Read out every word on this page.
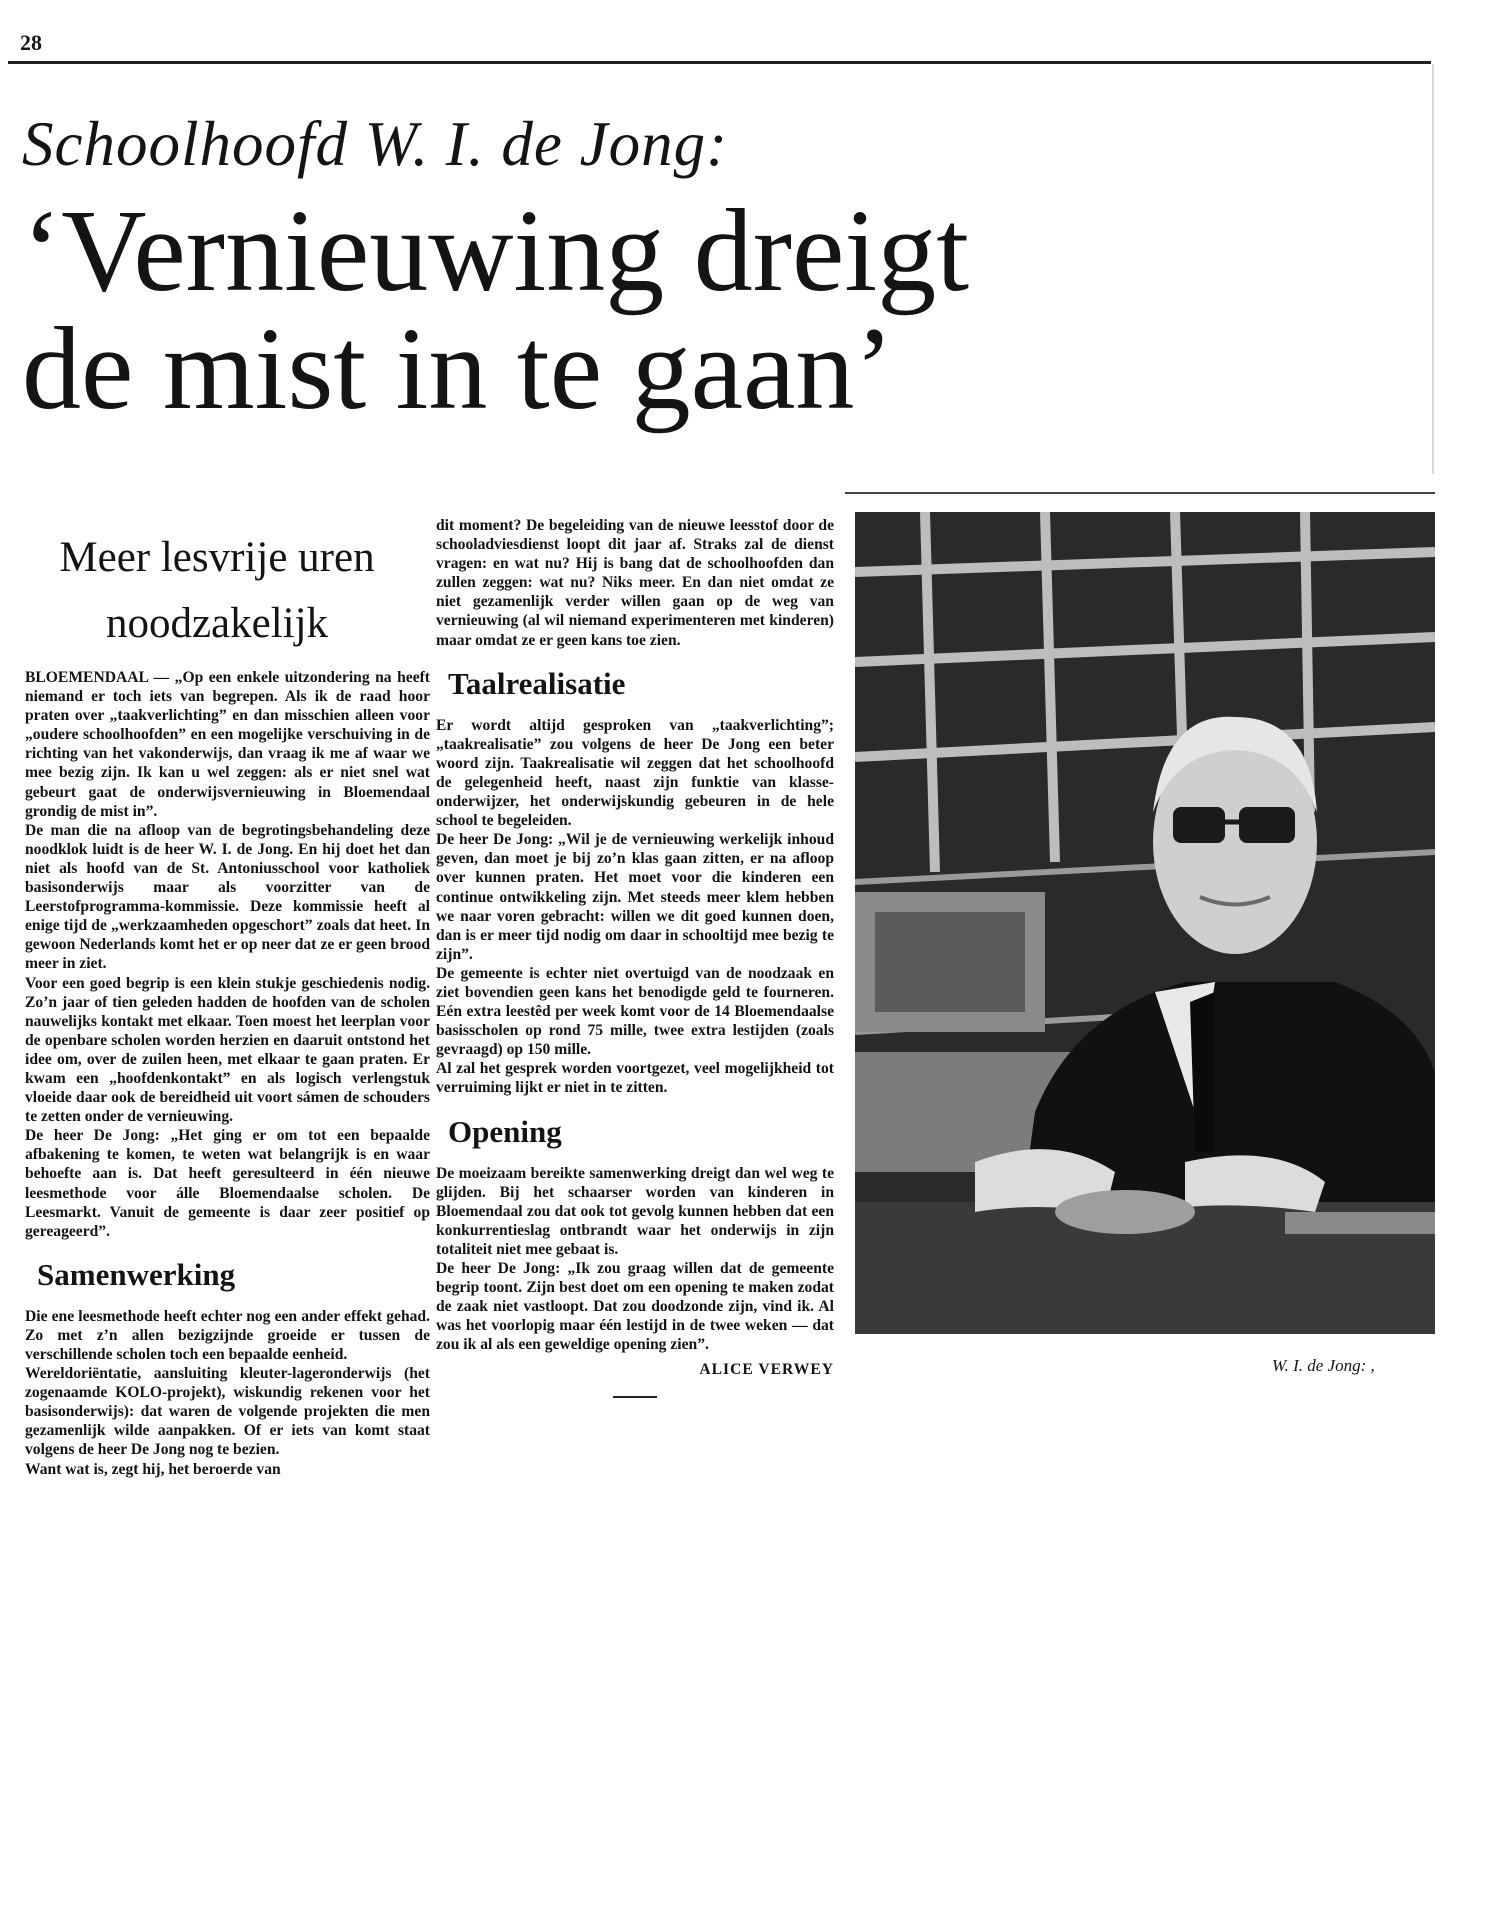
28
Schoolhoofd W. I. de Jong:
‘Vernieuwing dreigt
de mist in te gaan’
Meer lesvrije uren
noodzakelijk

BLOEMENDAAL — „Op een enkele uitzondering na heeft niemand er toch iets van begrepen. Als ik de raad hoor praten over „taakverlichting” en dan misschien alleen voor „oudere schoolhoofden” en een mogelijke verschuiving in de richting van het vakonderwijs, dan vraag ik me af waar we mee bezig zijn. Ik kan u wel zeggen: als er niet snel wat gebeurt gaat de onderwijsvernieuwing in Bloemendaal grondig de mist in”.

De man die na afloop van de begrotingsbehandeling deze noodklok luidt is de heer W. I. de Jong. En hij doet het dan niet als hoofd van de St. Antoniusschool voor katholiek basisonderwijs maar als voorzitter van de Leerstofprogramma-kommissie. Deze kommissie heeft al enige tijd de „werkzaamheden opgeschort” zoals dat heet. In gewoon Nederlands komt het er op neer dat ze er geen brood meer in ziet.

Voor een goed begrip is een klein stukje geschiedenis nodig. Zo’n jaar of tien geleden hadden de hoofden van de scholen nauwelijks kontakt met elkaar. Toen moest het leerplan voor de openbare scholen worden herzien en daaruit ontstond het idee om, over de zuilen heen, met elkaar te gaan praten. Er kwam een „hoofdenkontakt” en als logisch verlengstuk vloeide daar ook de bereidheid uit voort sámen de schouders te zetten onder de vernieuwing.

De heer De Jong: „Het ging er om tot een bepaalde afbakening te komen, te weten wat belangrijk is en waar behoefte aan is. Dat heeft geresulteerd in één nieuwe leesmethode voor álle Bloemendaalse scholen. De Leesmarkt. Vanuit de gemeente is daar zeer positief op gereageerd”.

Samenwerking

Die ene leesmethode heeft echter nog een ander effekt gehad. Zo met z’n allen bezigzijnde groeide er tussen de verschillende scholen toch een bepaalde eenheid.

Wereldoriëntatie, aansluiting kleuter-lageronderwijs (het zogenaamde KOLO-projekt), wiskundig rekenen voor het basisonderwijs): dat waren de volgende projekten die men gezamenlijk wilde aanpakken. Of er iets van komt staat volgens de heer De Jong nog te bezien.

Want wat is, zegt hij, het beroerde van

dit moment? De begeleiding van de nieuwe leesstof door de schooladviesdienst loopt dit jaar af. Straks zal de dienst vragen: en wat nu? Hij is bang dat de schoolhoofden dan zullen zeggen: wat nu? Niks meer. En dan niet omdat ze niet gezamenlijk verder willen gaan op de weg van vernieuwing (al wil niemand experimenteren met kinderen) maar omdat ze er geen kans toe zien.

Taalrealisatie

Er wordt altijd gesproken van „taakverlichting”; „taakrealisatie” zou volgens de heer De Jong een beter woord zijn. Taakrealisatie wil zeggen dat het schoolhoofd de gelegenheid heeft, naast zijn funktie van klasse-onderwijzer, het onderwijskundig gebeuren in de hele school te begeleiden.

De heer De Jong: „Wil je de vernieuwing werkelijk inhoud geven, dan moet je bij zo’n klas gaan zitten, er na afloop over kunnen praten. Het moet voor die kinderen een continue ontwikkeling zijn. Met steeds meer klem hebben we naar voren gebracht: willen we dit goed kunnen doen, dan is er meer tijd nodig om daar in schooltijd mee bezig te zijn”.

De gemeente is echter niet overtuigd van de noodzaak en ziet bovendien geen kans het benodigde geld te fourneren. Eén extra leestêd per week komt voor de 14 Bloemendaalse basisscholen op rond 75 mille, twee extra lestijden (zoals gevraagd) op 150 mille.

Al zal het gesprek worden voortgezet, veel mogelijkheid tot verruiming lijkt er niet in te zitten.

Opening

De moeizaam bereikte samenwerking dreigt dan wel weg te glijden. Bij het schaarser worden van kinderen in Bloemendaal zou dat ook tot gevolg kunnen hebben dat een konkurrentieslag ontbrandt waar het onderwijs in zijn totaliteit niet mee gebaat is.

De heer De Jong: „Ik zou graag willen dat de gemeente begrip toont. Zijn best doet om een opening te maken zodat de zaak niet vastloopt. Dat zou doodzonde zijn, vind ik. Al was het voorlopig maar één lestijd in de twee weken — dat zou ik al als een geweldige opening zien”.

ALICE VERWEY	W. I. de Jong: ,
